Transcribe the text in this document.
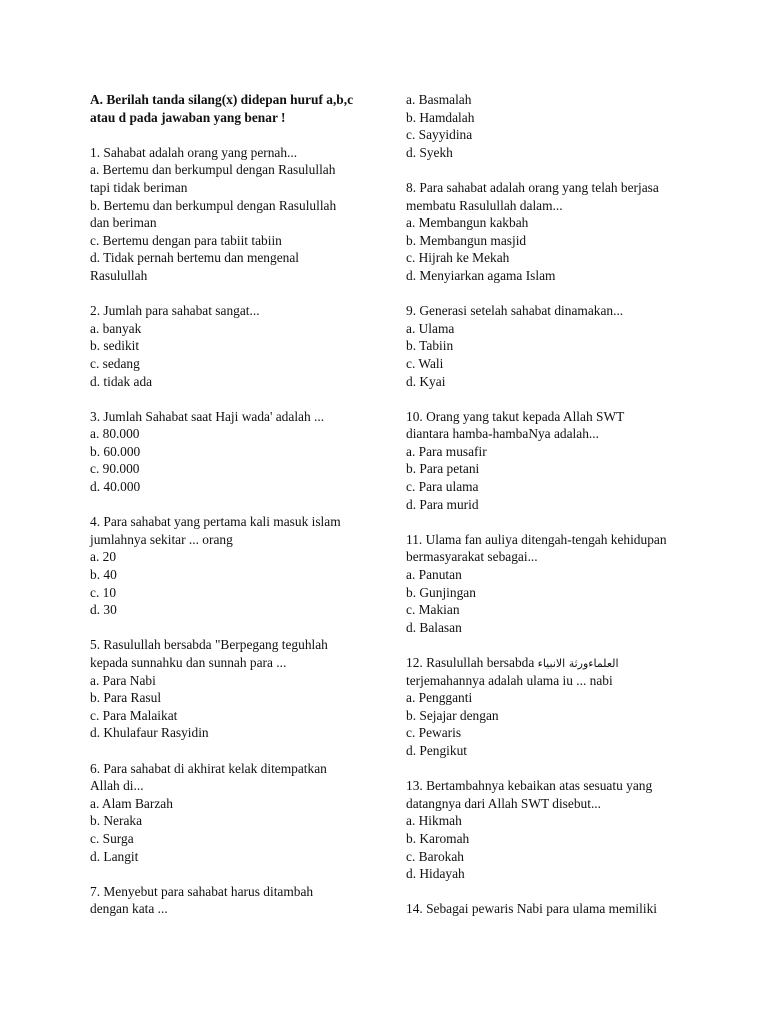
A. Berilah tanda silang(x) didepan huruf a,b,c
atau d pada jawaban yang benar !
1. Sahabat adalah orang yang pernah...
a. Bertemu dan berkumpul dengan Rasulullah
tapi tidak beriman
b. Bertemu dan berkumpul dengan Rasulullah
dan beriman
c. Bertemu dengan para tabiit tabiin
d. Tidak pernah bertemu dan mengenal
Rasulullah
2. Jumlah para sahabat sangat...
a. banyak
b. sedikit
c. sedang
d. tidak ada
3. Jumlah Sahabat saat Haji wada' adalah ...
a. 80.000
b. 60.000
c. 90.000
d. 40.000
4. Para sahabat yang pertama kali masuk islam
jumlahnya sekitar ... orang
a. 20
b. 40
c. 10
d. 30
5. Rasulullah bersabda "Berpegang teguhlah
kepada sunnahku dan sunnah para ...
a. Para Nabi
b. Para Rasul
c. Para Malaikat
d. Khulafaur Rasyidin
6. Para sahabat di akhirat kelak ditempatkan
Allah di...
a. Alam Barzah
b. Neraka
c. Surga
d. Langit
7. Menyebut para sahabat harus ditambah
dengan kata ...
a. Basmalah
b. Hamdalah
c. Sayyidina
d. Syekh
8. Para sahabat adalah orang yang telah berjasa
membatu Rasulullah dalam...
a. Membangun kakbah
b. Membangun masjid
c. Hijrah ke Mekah
d. Menyiarkan agama Islam
9. Generasi setelah sahabat dinamakan...
a. Ulama
b. Tabiin
c. Wali
d. Kyai
10. Orang yang takut kepada Allah SWT
diantara hamba-hambaNya adalah...
a. Para musafir
b. Para petani
c. Para ulama
d. Para murid
11. Ulama fan auliya ditengah-tengah kehidupan
bermasyarakat sebagai...
a. Panutan
b. Gunjingan
c. Makian
d. Balasan
12. Rasulullah bersabda العلماءورثة الانبياء
terjemahannya adalah ulama iu ... nabi
a. Pengganti
b. Sejajar dengan
c. Pewaris
d. Pengikut
13. Bertambahnya kebaikan atas sesuatu yang
datangnya dari Allah SWT disebut...
a. Hikmah
b. Karomah
c. Barokah
d. Hidayah
14. Sebagai pewaris Nabi para ulama memiliki
